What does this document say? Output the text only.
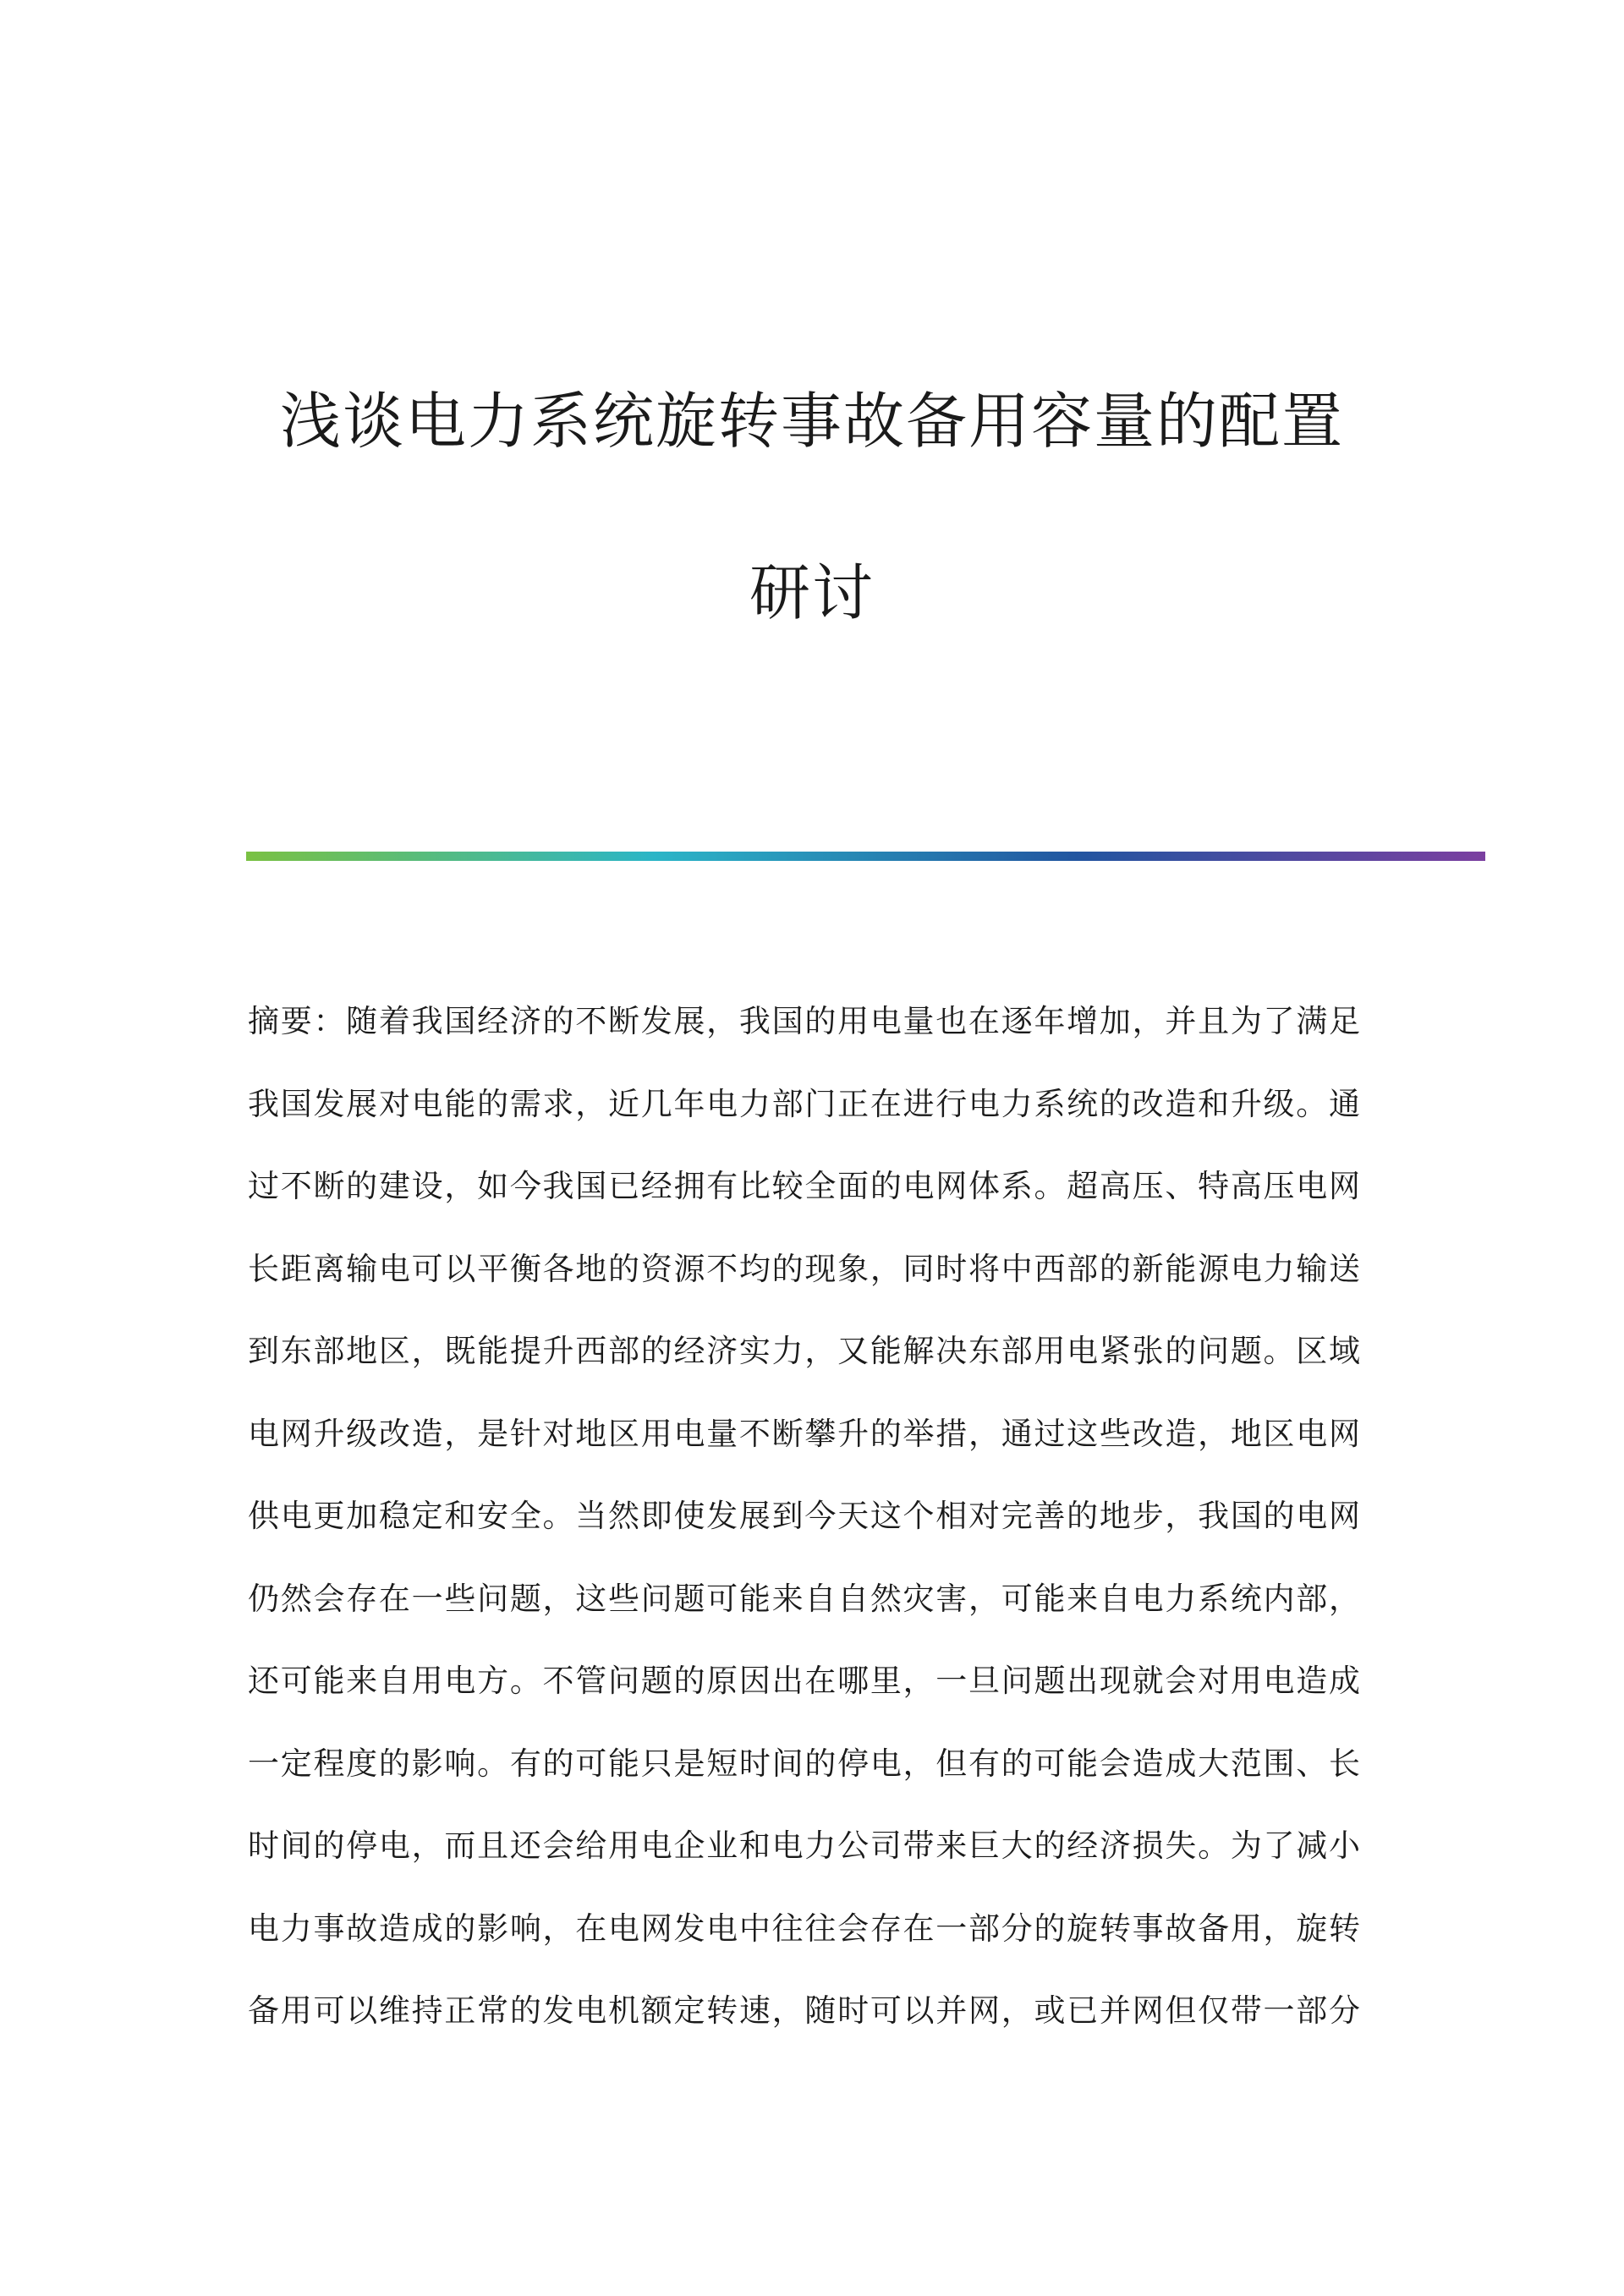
浅谈电力系统旋转事故备用容量的配置
研讨
摘要：随着我国经济的不断发展，我国的用电量也在逐年增加，并且为了满足
我国发展对电能的需求，近几年电力部门正在进行电力系统的改造和升级。通
过不断的建设，如今我国已经拥有比较全面的电网体系。超高压、特高压电网
长距离输电可以平衡各地的资源不均的现象，同时将中西部的新能源电力输送
到东部地区，既能提升西部的经济实力，又能解决东部用电紧张的问题。区域
电网升级改造，是针对地区用电量不断攀升的举措，通过这些改造，地区电网
供电更加稳定和安全。当然即使发展到今天这个相对完善的地步，我国的电网
仍然会存在一些问题，这些问题可能来自自然灾害，可能来自电力系统内部，
还可能来自用电方。不管问题的原因出在哪里，一旦问题出现就会对用电造成
一定程度的影响。有的可能只是短时间的停电，但有的可能会造成大范围、长
时间的停电，而且还会给用电企业和电力公司带来巨大的经济损失。为了减小
电力事故造成的影响，在电网发电中往往会存在一部分的旋转事故备用，旋转
备用可以维持正常的发电机额定转速，随时可以并网，或已并网但仅带一部分
